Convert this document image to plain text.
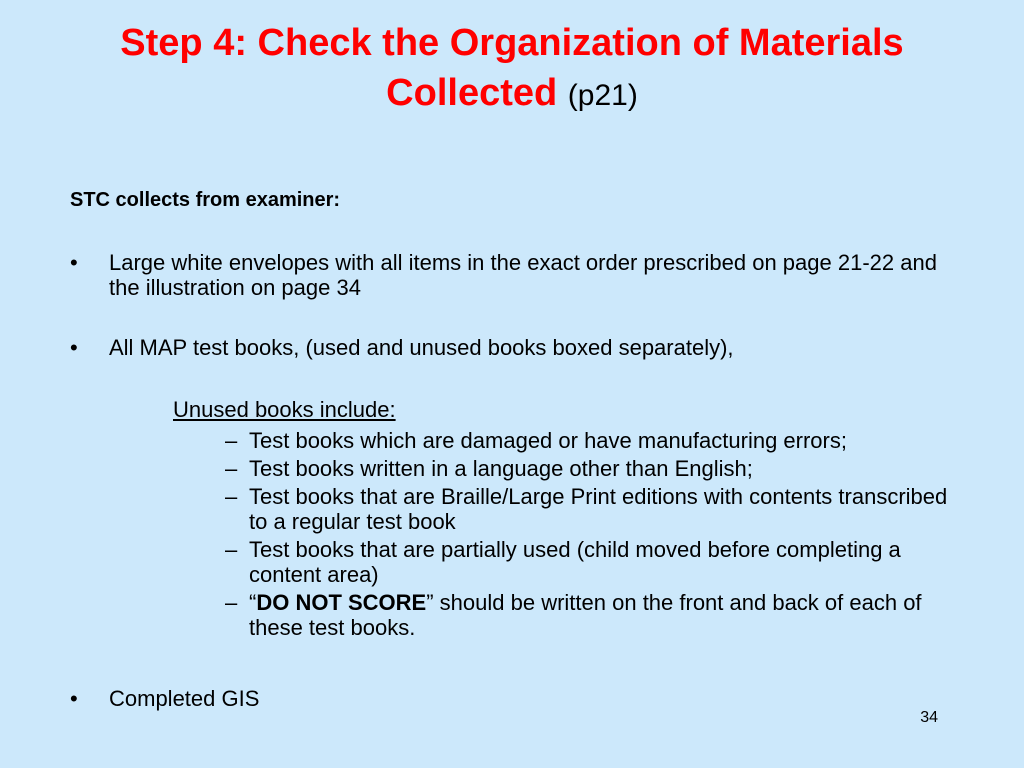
Step 4: Check the Organization of Materials Collected (p21)
STC collects from examiner:
•	Large white envelopes with all items in the exact order prescribed on page 21-22 and the illustration on page 34
•	All MAP test books, (used and unused books boxed separately),
Unused books include:
– Test books which are damaged or have manufacturing errors;
– Test books written in a language other than English;
– Test books that are Braille/Large Print editions with contents transcribed to a regular test book
– Test books that are partially used (child moved before completing a content area)
– “DO NOT SCORE” should be written on the front and back of each of these test books.
•	Completed GIS
34
